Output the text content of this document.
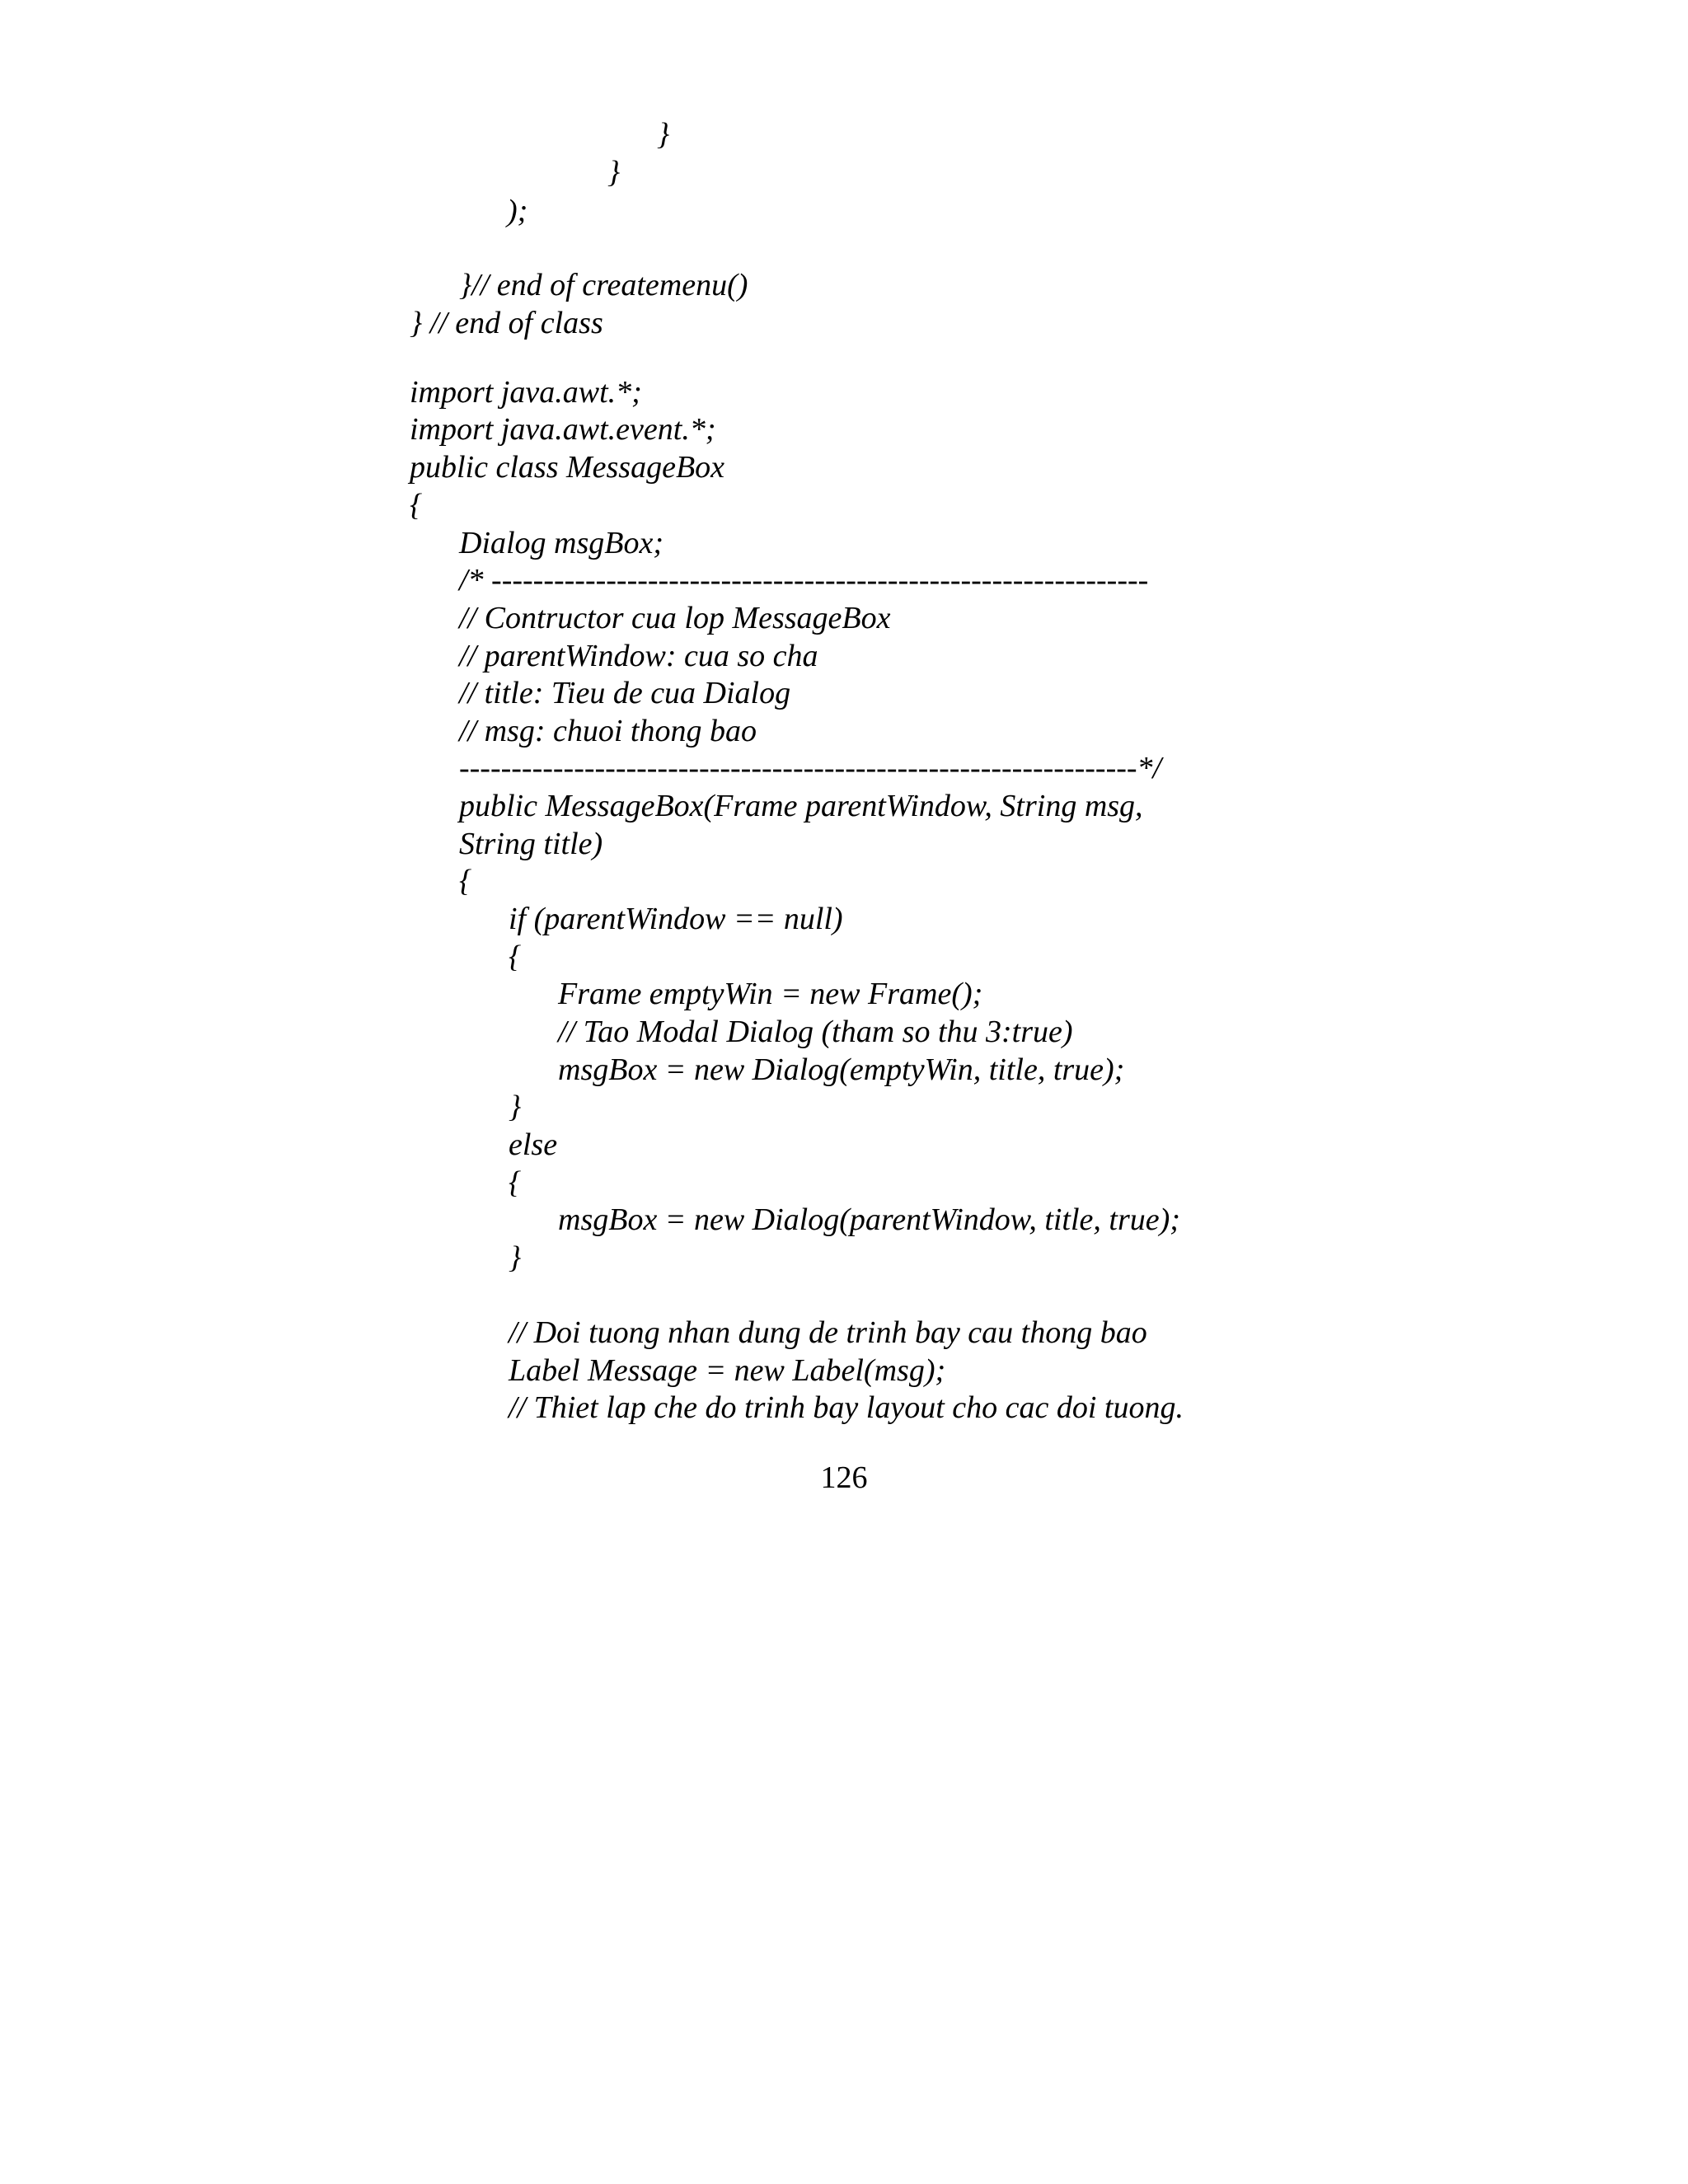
}
}
);
}// end of createmenu()
} // end of class
import java.awt.*;
import java.awt.event.*;
public class MessageBox
{
Dialog msgBox;
/* ---------------------------------------------------------------
// Contructor cua lop MessageBox
// parentWindow: cua so cha
// title: Tieu de cua Dialog
// msg: chuoi thong bao
-----------------------------------------------------------------*/
public MessageBox(Frame parentWindow, String msg,
String title)
{
if (parentWindow == null)
{
Frame emptyWin = new Frame();
// Tao Modal Dialog (tham so thu 3:true)
msgBox = new Dialog(emptyWin, title, true);
}
else
{
msgBox = new Dialog(parentWindow, title, true);
}
// Doi tuong nhan dung de trinh bay cau thong bao
Label Message = new Label(msg);
// Thiet lap che do trinh bay layout cho cac doi tuong.
126
